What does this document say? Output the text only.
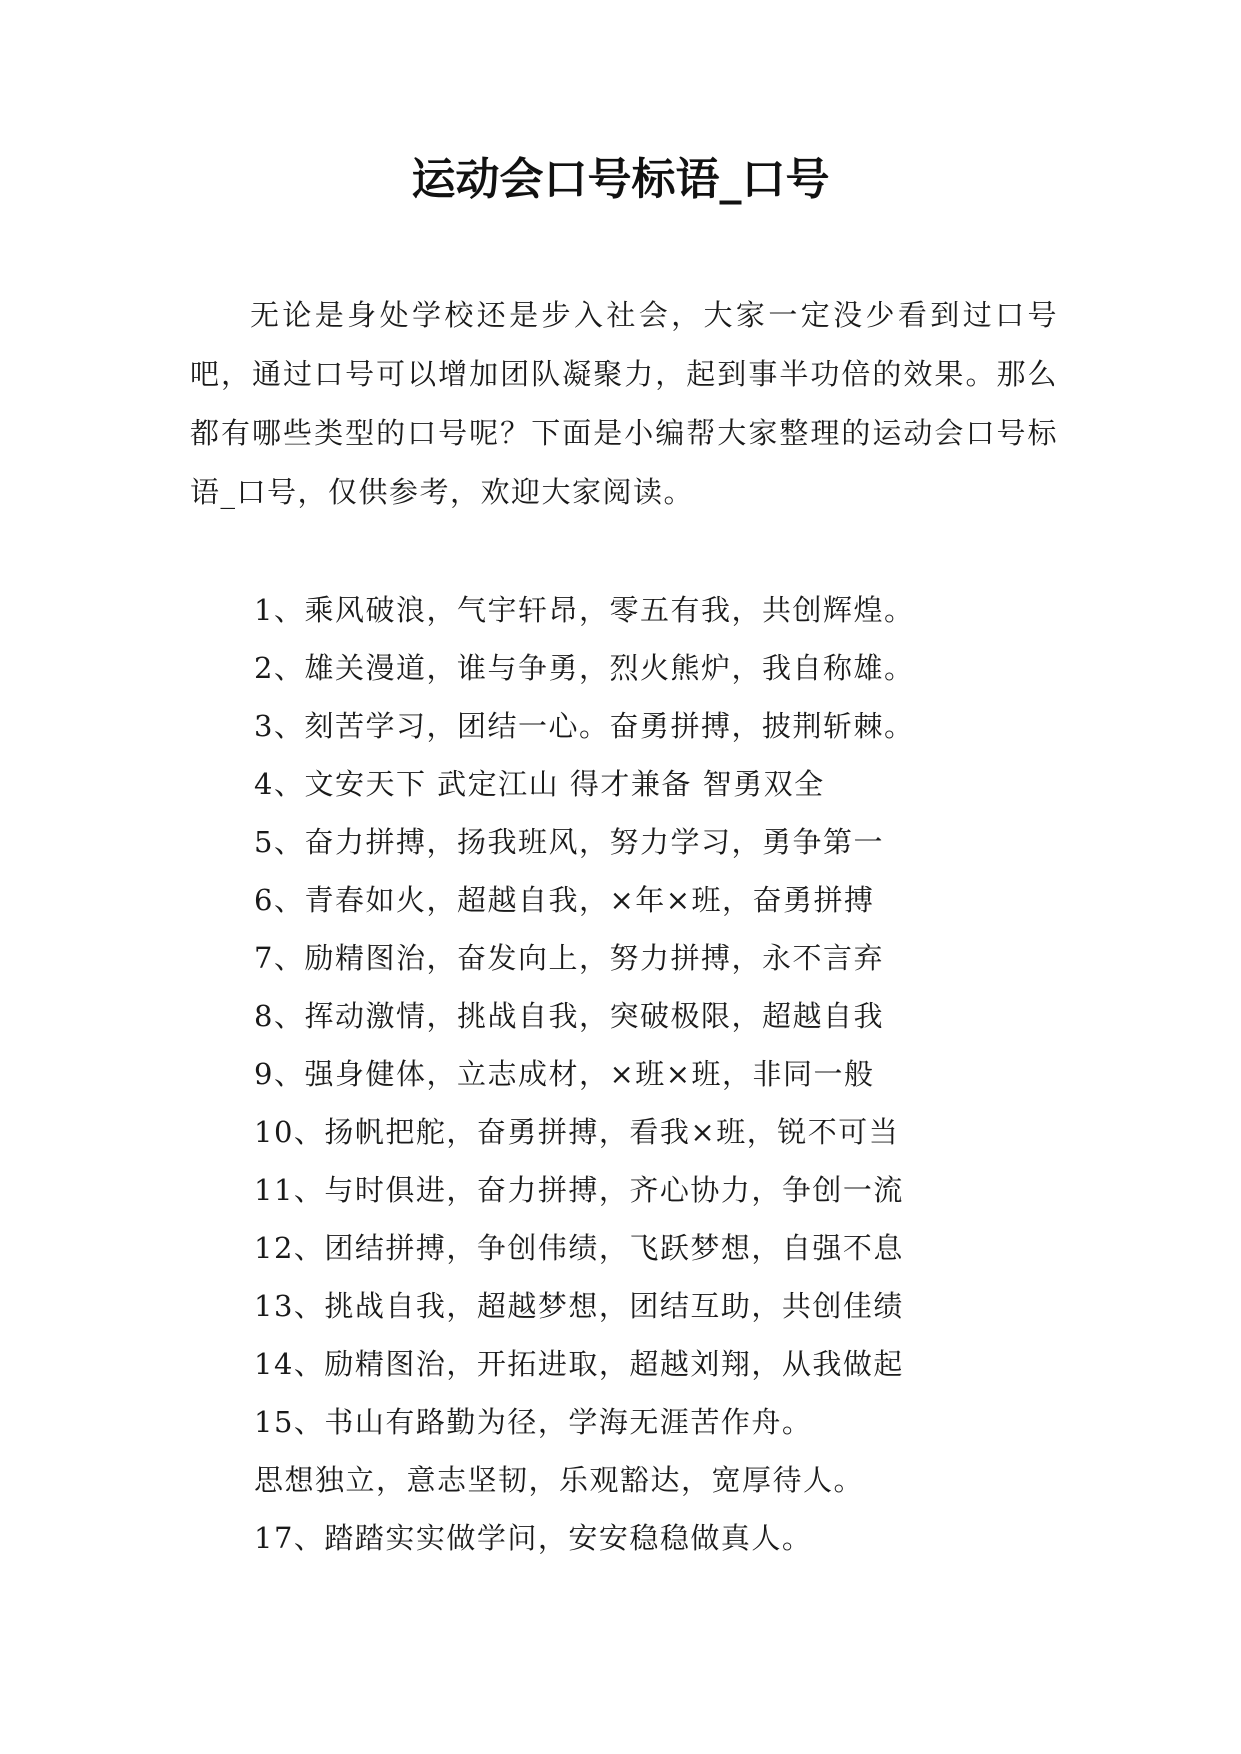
运动会口号标语_口号

无论是身处学校还是步入社会，大家一定没少看到过口号吧，通过口号可以增加团队凝聚力，起到事半功倍的效果。那么都有哪些类型的口号呢？下面是小编帮大家整理的运动会口号标语_口号，仅供参考，欢迎大家阅读。

1、乘风破浪，气宇轩昂，零五有我，共创辉煌。
2、雄关漫道，谁与争勇，烈火熊炉，我自称雄。
3、刻苦学习，团结一心。奋勇拼搏，披荆斩棘。
4、文安天下 武定江山 得才兼备 智勇双全
5、奋力拼搏，扬我班风，努力学习，勇争第一
6、青春如火，超越自我，×年×班，奋勇拼搏
7、励精图治，奋发向上，努力拼搏，永不言弃
8、挥动激情，挑战自我，突破极限，超越自我
9、强身健体，立志成材，×班×班，非同一般
10、扬帆把舵，奋勇拼搏，看我×班，锐不可当
11、与时俱进，奋力拼搏，齐心协力，争创一流
12、团结拼搏，争创伟绩，飞跃梦想，自强不息
13、挑战自我，超越梦想，团结互助，共创佳绩
14、励精图治，开拓进取，超越刘翔，从我做起
15、书山有路勤为径，学海无涯苦作舟。
思想独立，意志坚韧，乐观豁达，宽厚待人。
17、踏踏实实做学问，安安稳稳做真人。
